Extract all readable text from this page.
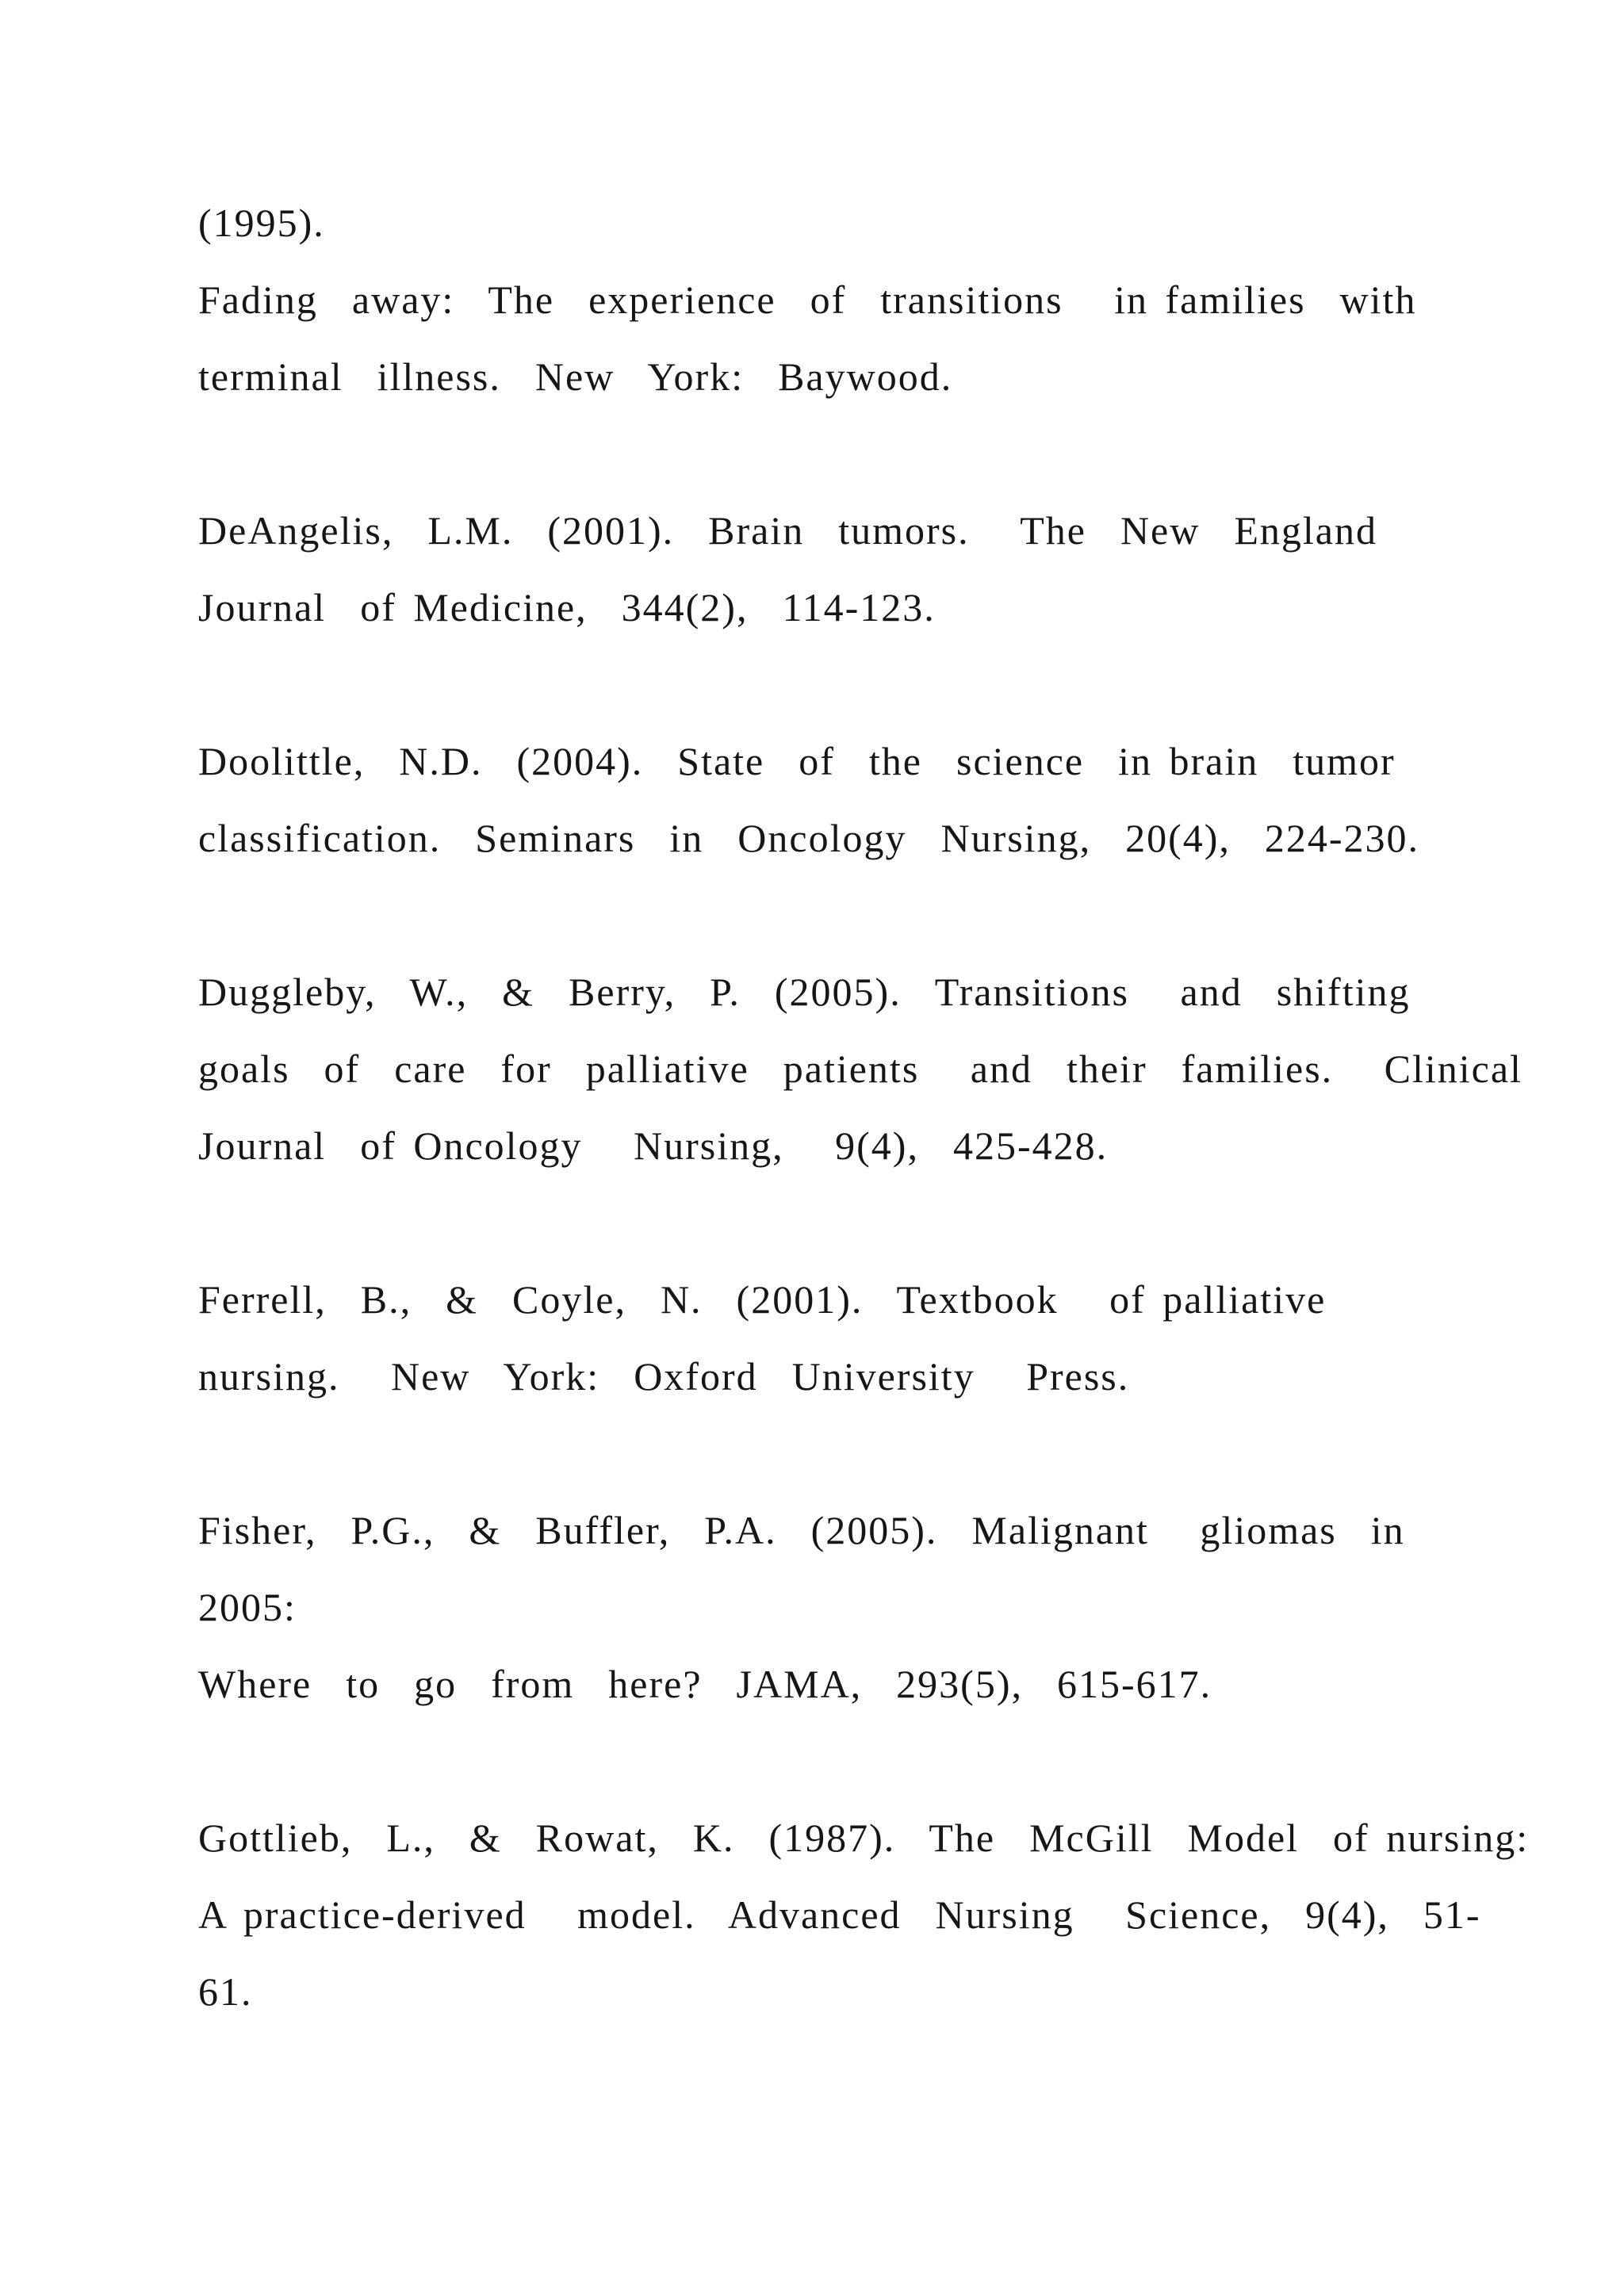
(1995).

Fading  away:  The  experience  of  transitions   in families  with

terminal  illness.  New  York:  Baywood.

DeAngelis,  L.M.  (2001).  Brain  tumors.   The  New  England

Journal  of Medicine,  344(2),  114-123.

Doolittle,  N.D.  (2004).  State  of  the  science  in brain  tumor

classification.  Seminars  in  Oncology  Nursing,  20(4),  224-230.

Duggleby,  W.,  &  Berry,  P.  (2005).  Transitions   and  shifting

goals  of  care  for  palliative  patients   and  their  families.   Clinical

Journal  of Oncology   Nursing,   9(4),  425-428.

Ferrell,  B.,  &  Coyle,  N.  (2001).  Textbook   of palliative

nursing.   New  York:  Oxford  University   Press.

Fisher,  P.G.,  &  Buffler,  P.A.  (2005).  Malignant   gliomas  in

2005:

Where  to  go  from  here?  JAMA,  293(5),  615-617.

Gottlieb,  L.,  &  Rowat,  K.  (1987).  The  McGill  Model  of nursing:

A practice-derived   model.  Advanced  Nursing   Science,  9(4),  51-

61.
